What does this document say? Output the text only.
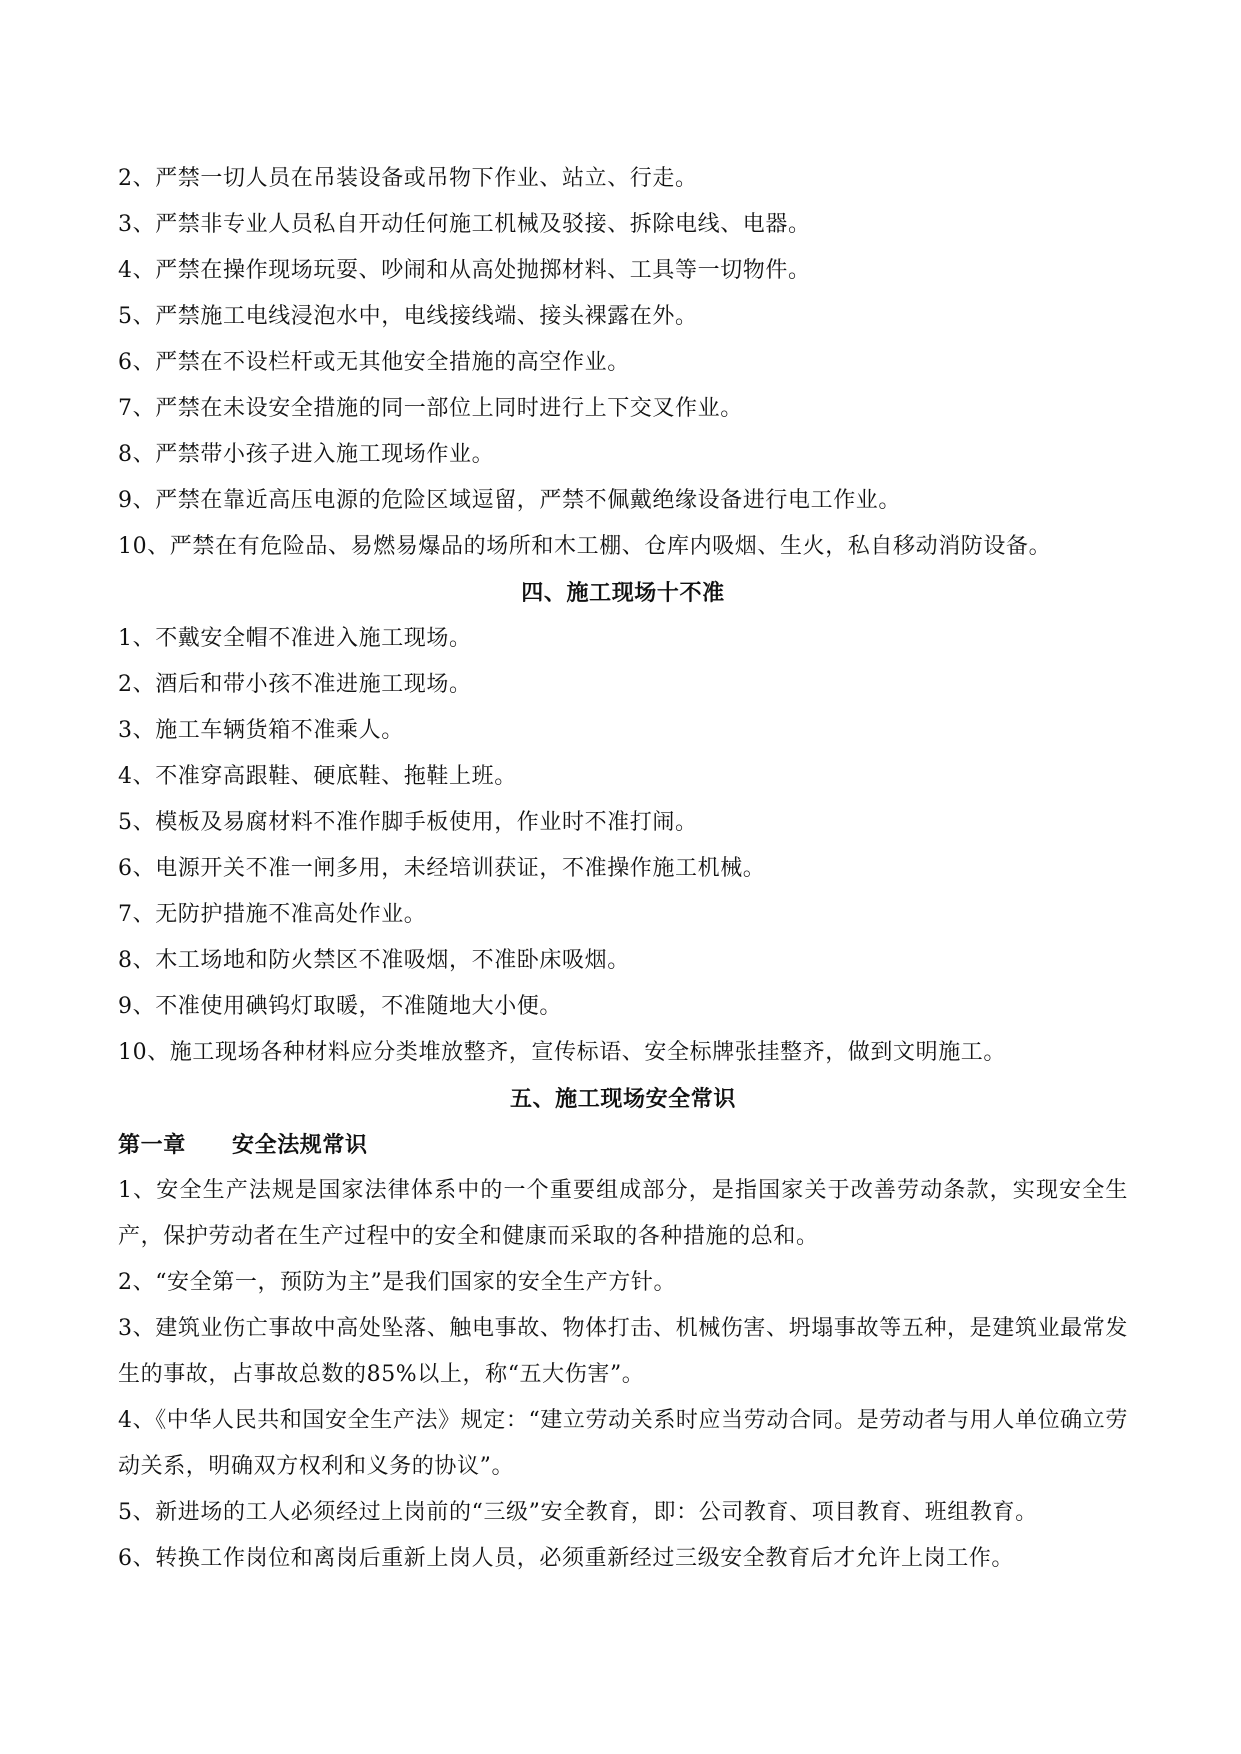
2、严禁一切人员在吊装设备或吊物下作业、站立、行走。
3、严禁非专业人员私自开动任何施工机械及驳接、拆除电线、电器。
4、严禁在操作现场玩耍、吵闹和从高处抛掷材料、工具等一切物件。
5、严禁施工电线浸泡水中，电线接线端、接头裸露在外。
6、严禁在不设栏杆或无其他安全措施的高空作业。
7、严禁在未设安全措施的同一部位上同时进行上下交叉作业。
8、严禁带小孩子进入施工现场作业。
9、严禁在靠近高压电源的危险区域逗留，严禁不佩戴绝缘设备进行电工作业。
10、严禁在有危险品、易燃易爆品的场所和木工棚、仓库内吸烟、生火，私自移动消防设备。
四、施工现场十不准
1、不戴安全帽不准进入施工现场。
2、酒后和带小孩不准进施工现场。
3、施工车辆货箱不准乘人。
4、不准穿高跟鞋、硬底鞋、拖鞋上班。
5、模板及易腐材料不准作脚手板使用，作业时不准打闹。
6、电源开关不准一闸多用，未经培训获证，不准操作施工机械。
7、无防护措施不准高处作业。
8、木工场地和防火禁区不准吸烟，不准卧床吸烟。
9、不准使用碘钨灯取暖，不准随地大小便。
10、施工现场各种材料应分类堆放整齐，宣传标语、安全标牌张挂整齐，做到文明施工。
五、施工现场安全常识
第一章 安全法规常识
1、安全生产法规是国家法律体系中的一个重要组成部分，是指国家关于改善劳动条款，实现安全生产，保护劳动者在生产过程中的安全和健康而采取的各种措施的总和。
2、“安全第一，预防为主”是我们国家的安全生产方针。
3、建筑业伤亡事故中高处坠落、触电事故、物体打击、机械伤害、坍塌事故等五种，是建筑业最常发生的事故，占事故总数的85%以上，称“五大伤害”。
4、《中华人民共和国安全生产法》规定：“建立劳动关系时应当劳动合同。是劳动者与用人单位确立劳动关系，明确双方权利和义务的协议”。
5、新进场的工人必须经过上岗前的“三级”安全教育，即：公司教育、项目教育、班组教育。
6、转换工作岗位和离岗后重新上岗人员，必须重新经过三级安全教育后才允许上岗工作。
